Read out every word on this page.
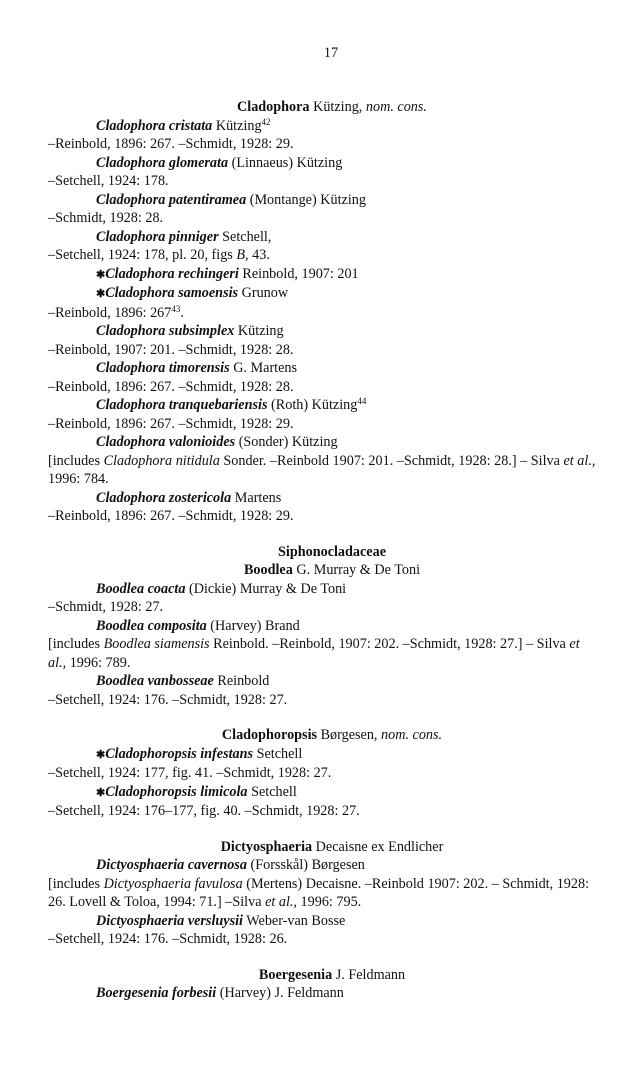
17
Cladophora Kützing, nom. cons.
Cladophora cristata Kützing$^{42}$
–Reinbold, 1896: 267. –Schmidt, 1928: 29.
Cladophora glomerata (Linnaeus) Kützing
–Setchell, 1924: 178.
Cladophora patentiramea (Montange) Kützing
–Schmidt, 1928: 28.
Cladophora pinniger Setchell,
–Setchell, 1924: 178, pl. 20, figs B, 43.
✱Cladophora rechingeri Reinbold, 1907: 201
✱Cladophora samoensis Grunow
–Reinbold, 1896: $267^{43}$.
Cladophora subsimplex Kützing
–Reinbold, 1907: 201. –Schmidt, 1928: 28.
Cladophora timorensis G. Martens
–Reinbold, 1896: 267. –Schmidt, 1928: 28.
Cladophora tranquebariensis (Roth) Kützing$^{44}$
–Reinbold, 1896: 267. –Schmidt, 1928: 29.
Cladophora valonioides (Sonder) Kützing
[includes Cladophora nitidula Sonder. –Reinbold 1907: 201. –Schmidt, 1928: 28.] – Silva et al., 1996: 784.
Cladophora zostericola Martens
–Reinbold, 1896: 267. –Schmidt, 1928: 29.
Siphonocladaceae
Boodlea G. Murray & De Toni
Boodlea coacta (Dickie) Murray & De Toni
–Schmidt, 1928: 27.
Boodlea composita (Harvey) Brand
[includes Boodlea siamensis Reinbold. –Reinbold, 1907: 202. –Schmidt, 1928: 27.] – Silva et al., 1996: 789.
Boodlea vanbosseae Reinbold
–Setchell, 1924: 176. –Schmidt, 1928: 27.
Cladophoropsis Børgesen, nom. cons.
✱Cladophoropsis infestans Setchell
–Setchell, 1924: 177, fig. 41. –Schmidt, 1928: 27.
✱Cladophoropsis limicola Setchell
–Setchell, 1924: 176–177, fig. 40. –Schmidt, 1928: 27.
Dictyosphaeria Decaisne ex Endlicher
Dictyosphaeria cavernosa (Forsskål) Børgesen
[includes Dictyosphaeria favulosa (Mertens) Decaisne. –Reinbold 1907: 202. – Schmidt, 1928: 26. Lovell & Toloa, 1994: 71.] –Silva et al., 1996: 795.
Dictyosphaeria versluysii Weber-van Bosse
–Setchell, 1924: 176. –Schmidt, 1928: 26.
Boergesenia J. Feldmann
Boergesenia forbesii (Harvey) J. Feldmann
